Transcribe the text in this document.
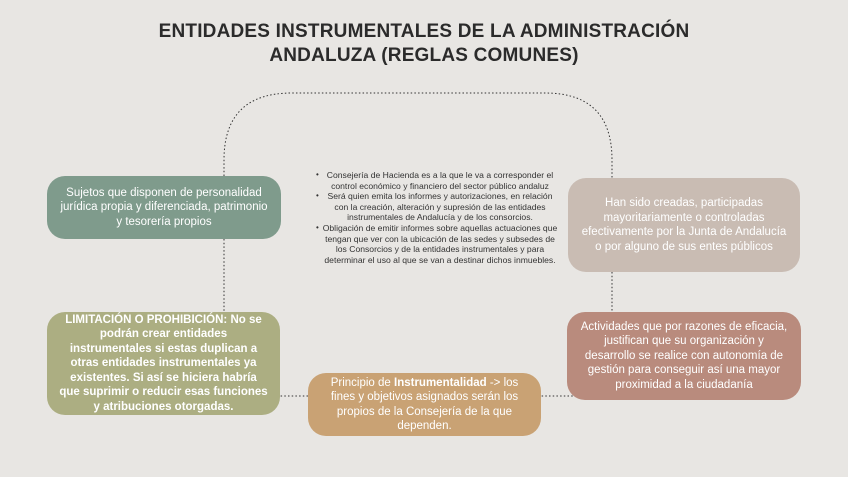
ENTIDADES INSTRUMENTALES DE LA ADMINISTRACIÓN
ANDALUZA (REGLAS COMUNES)
Sujetos que disponen de personalidad jurídica propia y diferenciada, patrimonio y tesorería propios
Han sido creadas, participadas mayoritariamente o controladas efectivamente por la Junta de Andalucía o por alguno de sus entes públicos
LIMITACIÓN O PROHIBICIÓN: No se podrán crear entidades instrumentales si estas duplican a otras entidades instrumentales ya existentes. Si así se hiciera habría que suprimir o reducir esas funciones y atribuciones otorgadas.
Actividades que por razones de eficacia, justifican que su organización y desarrollo se realice con autonomía de gestión para conseguir así una mayor proximidad a la ciudadanía
Principio de Instrumentalidad -> los fines y objetivos asignados serán los propios de la Consejería de la que dependen.
• Consejería de Hacienda es a la que le va a corresponder el control económico y financiero del sector público andaluz
• Será quien emita los informes y autorizaciones, en relación con la creación, alteración y supresión de las entidades instrumentales de Andalucía y de los consorcios.
• Obligación de emitir informes sobre aquellas actuaciones que tengan que ver con la ubicación de las sedes y subsedes de los Consorcios y de la entidades instrumentales y para determinar el uso al que se van a destinar dichos inmuebles.
